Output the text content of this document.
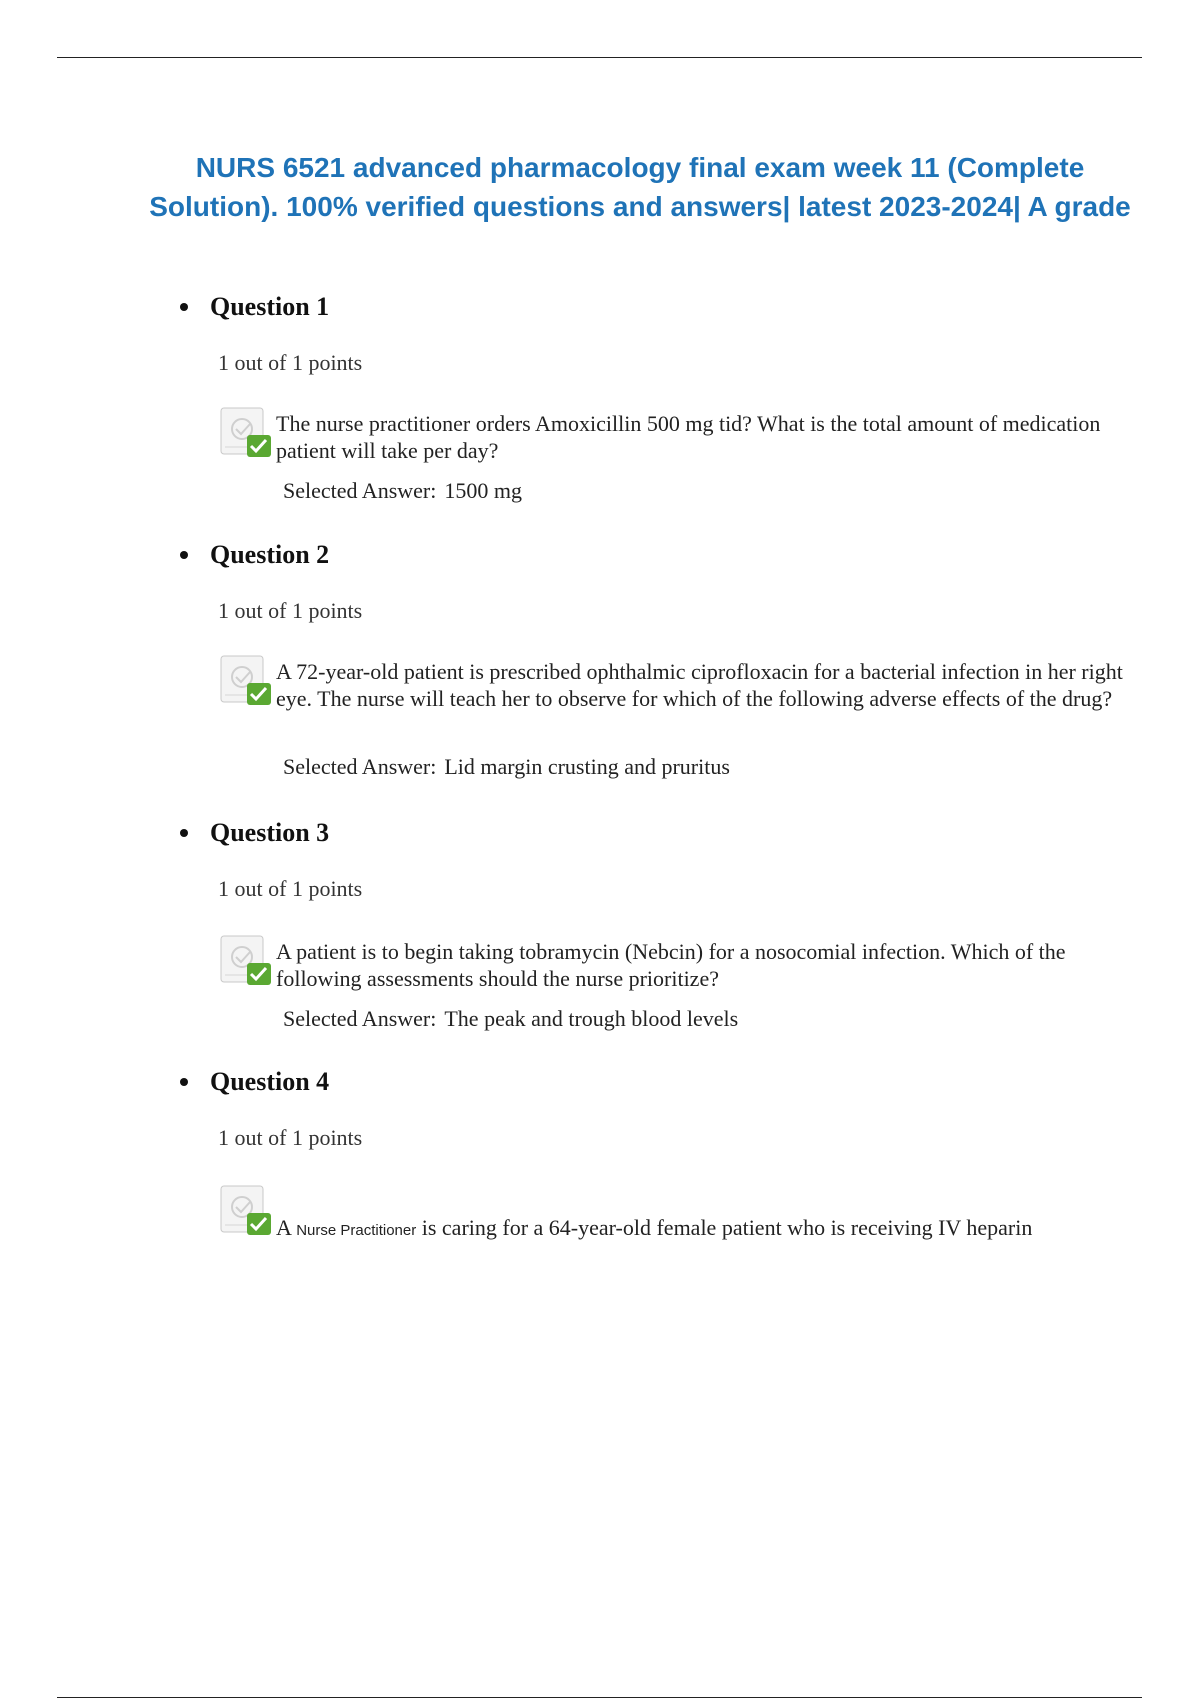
NURS 6521 advanced pharmacology final exam week 11 (Complete Solution). 100% verified questions and answers| latest 2023-2024| A grade
Question 1
1 out of 1 points
The nurse practitioner orders Amoxicillin 500 mg tid? What is the total amount of medication patient will take per day?
Selected Answer: 1500 mg
Question 2
1 out of 1 points
A 72-year-old patient is prescribed ophthalmic ciprofloxacin for a bacterial infection in her right eye. The nurse will teach her to observe for which of the following adverse effects of the drug?
Selected Answer: Lid margin crusting and pruritus
Question 3
1 out of 1 points
A patient is to begin taking tobramycin (Nebcin) for a nosocomial infection. Which of the following assessments should the nurse prioritize?
Selected Answer: The peak and trough blood levels
Question 4
1 out of 1 points
A Nurse Practitioner is caring for a 64-year-old female patient who is receiving IV heparin
